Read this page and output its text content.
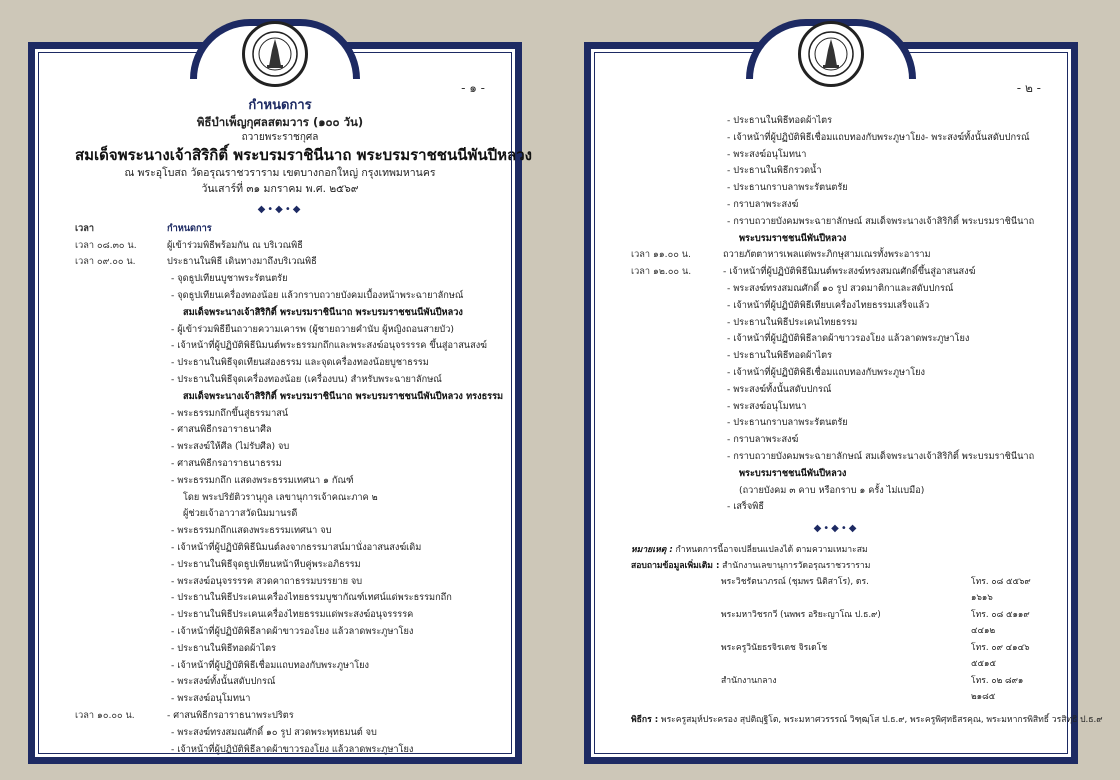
- ๑ -
กำหนดการ
พิธีบำเพ็ญกุศลสตมวาร (๑๐๐ วัน)
ถวายพระราชกุศล
สมเด็จพระนางเจ้าสิริกิติ์ พระบรมราชินีนาถ พระบรมราชชนนีพันปีหลวง
ณ พระอุโบสถ วัดอรุณราชวราราม เขตบางกอกใหญ่ กรุงเทพมหานคร
วันเสาร์ที่ ๓๑ มกราคม พ.ศ. ๒๕๖๙
◆•◆•◆
เวลา	กำหนดการ
เวลา ๐๘.๓๐ น.	ผู้เข้าร่วมพิธีพร้อมกัน ณ บริเวณพิธี
เวลา ๐๙.๐๐ น.	ประธานในพิธี เดินทางมาถึงบริเวณพิธี
- จุดธูปเทียนบูชาพระรัตนตรัย
- จุดธูปเทียนเครื่องทองน้อย แล้วกราบถวายบังคมเบื้องหน้าพระฉายาลักษณ์
สมเด็จพระนางเจ้าสิริกิติ์ พระบรมราชินีนาถ พระบรมราชชนนีพันปีหลวง
- ผู้เข้าร่วมพิธียืนถวายความเคารพ (ผู้ชายถวายคำนับ ผู้หญิงถอนสายบัว)
- เจ้าหน้าที่ผู้ปฏิบัติพิธีนิมนต์พระธรรมกถึกและพระสงฆ์อนุจรรรรค ขึ้นสู่อาสนสงฆ์
- ประธานในพิธีจุดเทียนส่องธรรม และจุดเครื่องทองน้อยบูชาธรรม
- ประธานในพิธีจุดเครื่องทองน้อย (เครื่องบน) สำหรับพระฉายาลักษณ์
สมเด็จพระนางเจ้าสิริกิติ์ พระบรมราชินีนาถ พระบรมราชชนนีพันปีหลวง ทรงธรรม
- พระธรรมกถึกขึ้นสู่ธรรมาสน์
- ศาสนพิธีกรอาราธนาศีล
- พระสงฆ์ให้ศีล (ไม่รับศีล) จบ
- ศาสนพิธีกรอาราธนาธรรม
- พระธรรมกถึก แสดงพระธรรมเทศนา ๑ กัณฑ์
โดย พระปริยัติวรานุกูล เลขานุการเจ้าคณะภาค ๒
ผู้ช่วยเจ้าอาวาสวัดนิมมานรดี
- พระธรรมกถึกแสดงพระธรรมเทศนา จบ
- เจ้าหน้าที่ผู้ปฏิบัติพิธีนิมนต์ลงจากธรรมาสน์มานั่งอาสนสงฆ์เดิม
- ประธานในพิธีจุดธูปเทียนหน้าหีบคู่พระอภิธรรม
- พระสงฆ์อนุจรรรรค สวดคาถาธรรมบรรยาย จบ
- ประธานในพิธีประเคนเครื่องไทยธรรมบูชากัณฑ์เทศน์แด่พระธรรมกถึก
- ประธานในพิธีประเคนเครื่องไทยธรรมแด่พระสงฆ์อนุจรรรรค
- เจ้าหน้าที่ผู้ปฏิบัติพิธีลาดผ้าขาวรองโยง แล้วลาดพระภูษาโยง
- ประธานในพิธีทอดผ้าไตร
- เจ้าหน้าที่ผู้ปฏิบัติพิธีเชื่อมแถบทองกับพระภูษาโยง
- พระสงฆ์ทั้งนั้นสดับปกรณ์
- พระสงฆ์อนุโมทนา
เวลา ๑๐.๐๐ น.	- ศาสนพิธีกรอาราธนาพระปริตร
- พระสงฆ์ทรงสมณศักดิ์ ๑๐ รูป สวดพระพุทธมนต์ จบ
- เจ้าหน้าที่ผู้ปฏิบัติพิธีลาดผ้าขาวรองโยง แล้วลาดพระภูษาโยง
- ๒ -
- ประธานในพิธีทอดผ้าไตร
- เจ้าหน้าที่ผู้ปฏิบัติพิธีเชื่อมแถบทองกับพระภูษาโยง- พระสงฆ์ทั้งนั้นสดับปกรณ์
- พระสงฆ์อนุโมทนา
- ประธานในพิธีกรวดน้ำ
- ประธานกราบลาพระรัตนตรัย
- กราบลาพระสงฆ์
- กราบถวายบังคมพระฉายาลักษณ์ สมเด็จพระนางเจ้าสิริกิติ์ พระบรมราชินีนาถ
พระบรมราชชนนีพันปีหลวง
เวลา ๑๑.๐๐ น.	ถวายภัตตาหารเพลแด่พระภิกษุสามเณรทั้งพระอาราม
เวลา ๑๒.๐๐ น.	- เจ้าหน้าที่ผู้ปฏิบัติพิธีนิมนต์พระสงฆ์ทรงสมณศักดิ์ขึ้นสู่อาสนสงฆ์
- พระสงฆ์ทรงสมณศักดิ์ ๑๐ รูป สวดมาติกาและสดับปกรณ์
- เจ้าหน้าที่ผู้ปฏิบัติพิธีเทียบเครื่องไทยธรรมเสร็จแล้ว
- ประธานในพิธีประเคนไทยธรรม
- เจ้าหน้าที่ผู้ปฏิบัติพิธีลาดผ้าขาวรองโยง แล้วลาดพระภูษาโยง
- ประธานในพิธีทอดผ้าไตร
- เจ้าหน้าที่ผู้ปฏิบัติพิธีเชื่อมแถบทองกับพระภูษาโยง
- พระสงฆ์ทั้งนั้นสดับปกรณ์
- พระสงฆ์อนุโมทนา
- ประธานกราบลาพระรัตนตรัย
- กราบลาพระสงฆ์
- กราบถวายบังคมพระฉายาลักษณ์ สมเด็จพระนางเจ้าสิริกิติ์ พระบรมราชินีนาถ
พระบรมราชชนนีพันปีหลวง
(ถวายบังคม ๓ คาบ หรือกราบ ๑ ครั้ง ไม่แบมือ)
- เสร็จพิธี
◆•◆•◆
หมายเหตุ : กำหนดการนี้อาจเปลี่ยนแปลงได้ ตามความเหมาะสม
สอบถามข้อมูลเพิ่มเติม : สำนักงานเลขานุการวัดอรุณราชวราราม
พระวิชรัตนาภรณ์ (ชุมพร นิติสาโร), ดร.	โทร. ๐๘ ๕๕๖๙ ๑๖๑๖
พระมหาวิชรกวี (นพพร อริยะญาโณ ป.ธ.๙)	โทร. ๐๘ ๕๑๑๙ ๔๔๑๒
พระครูวินัยธรจิรเดช จิรเดโช	โทร. ๐๙ ๔๑๔๖ ๕๕๑๕
สำนักงานกลาง	โทร. ๐๒ ๘๙๑ ๒๑๘๕
พิธีกร : พระครูสมุห์ประครอง สุปติญฺฐิโต, พระมหาศวรรรณ์ วิฑฺฒฺโส ป.ธ.๙, พระครูพิศุทธิสรคุณ, พระมหากรพิสิทธิ์ วรสิทฺธิ ป.ธ.๙
